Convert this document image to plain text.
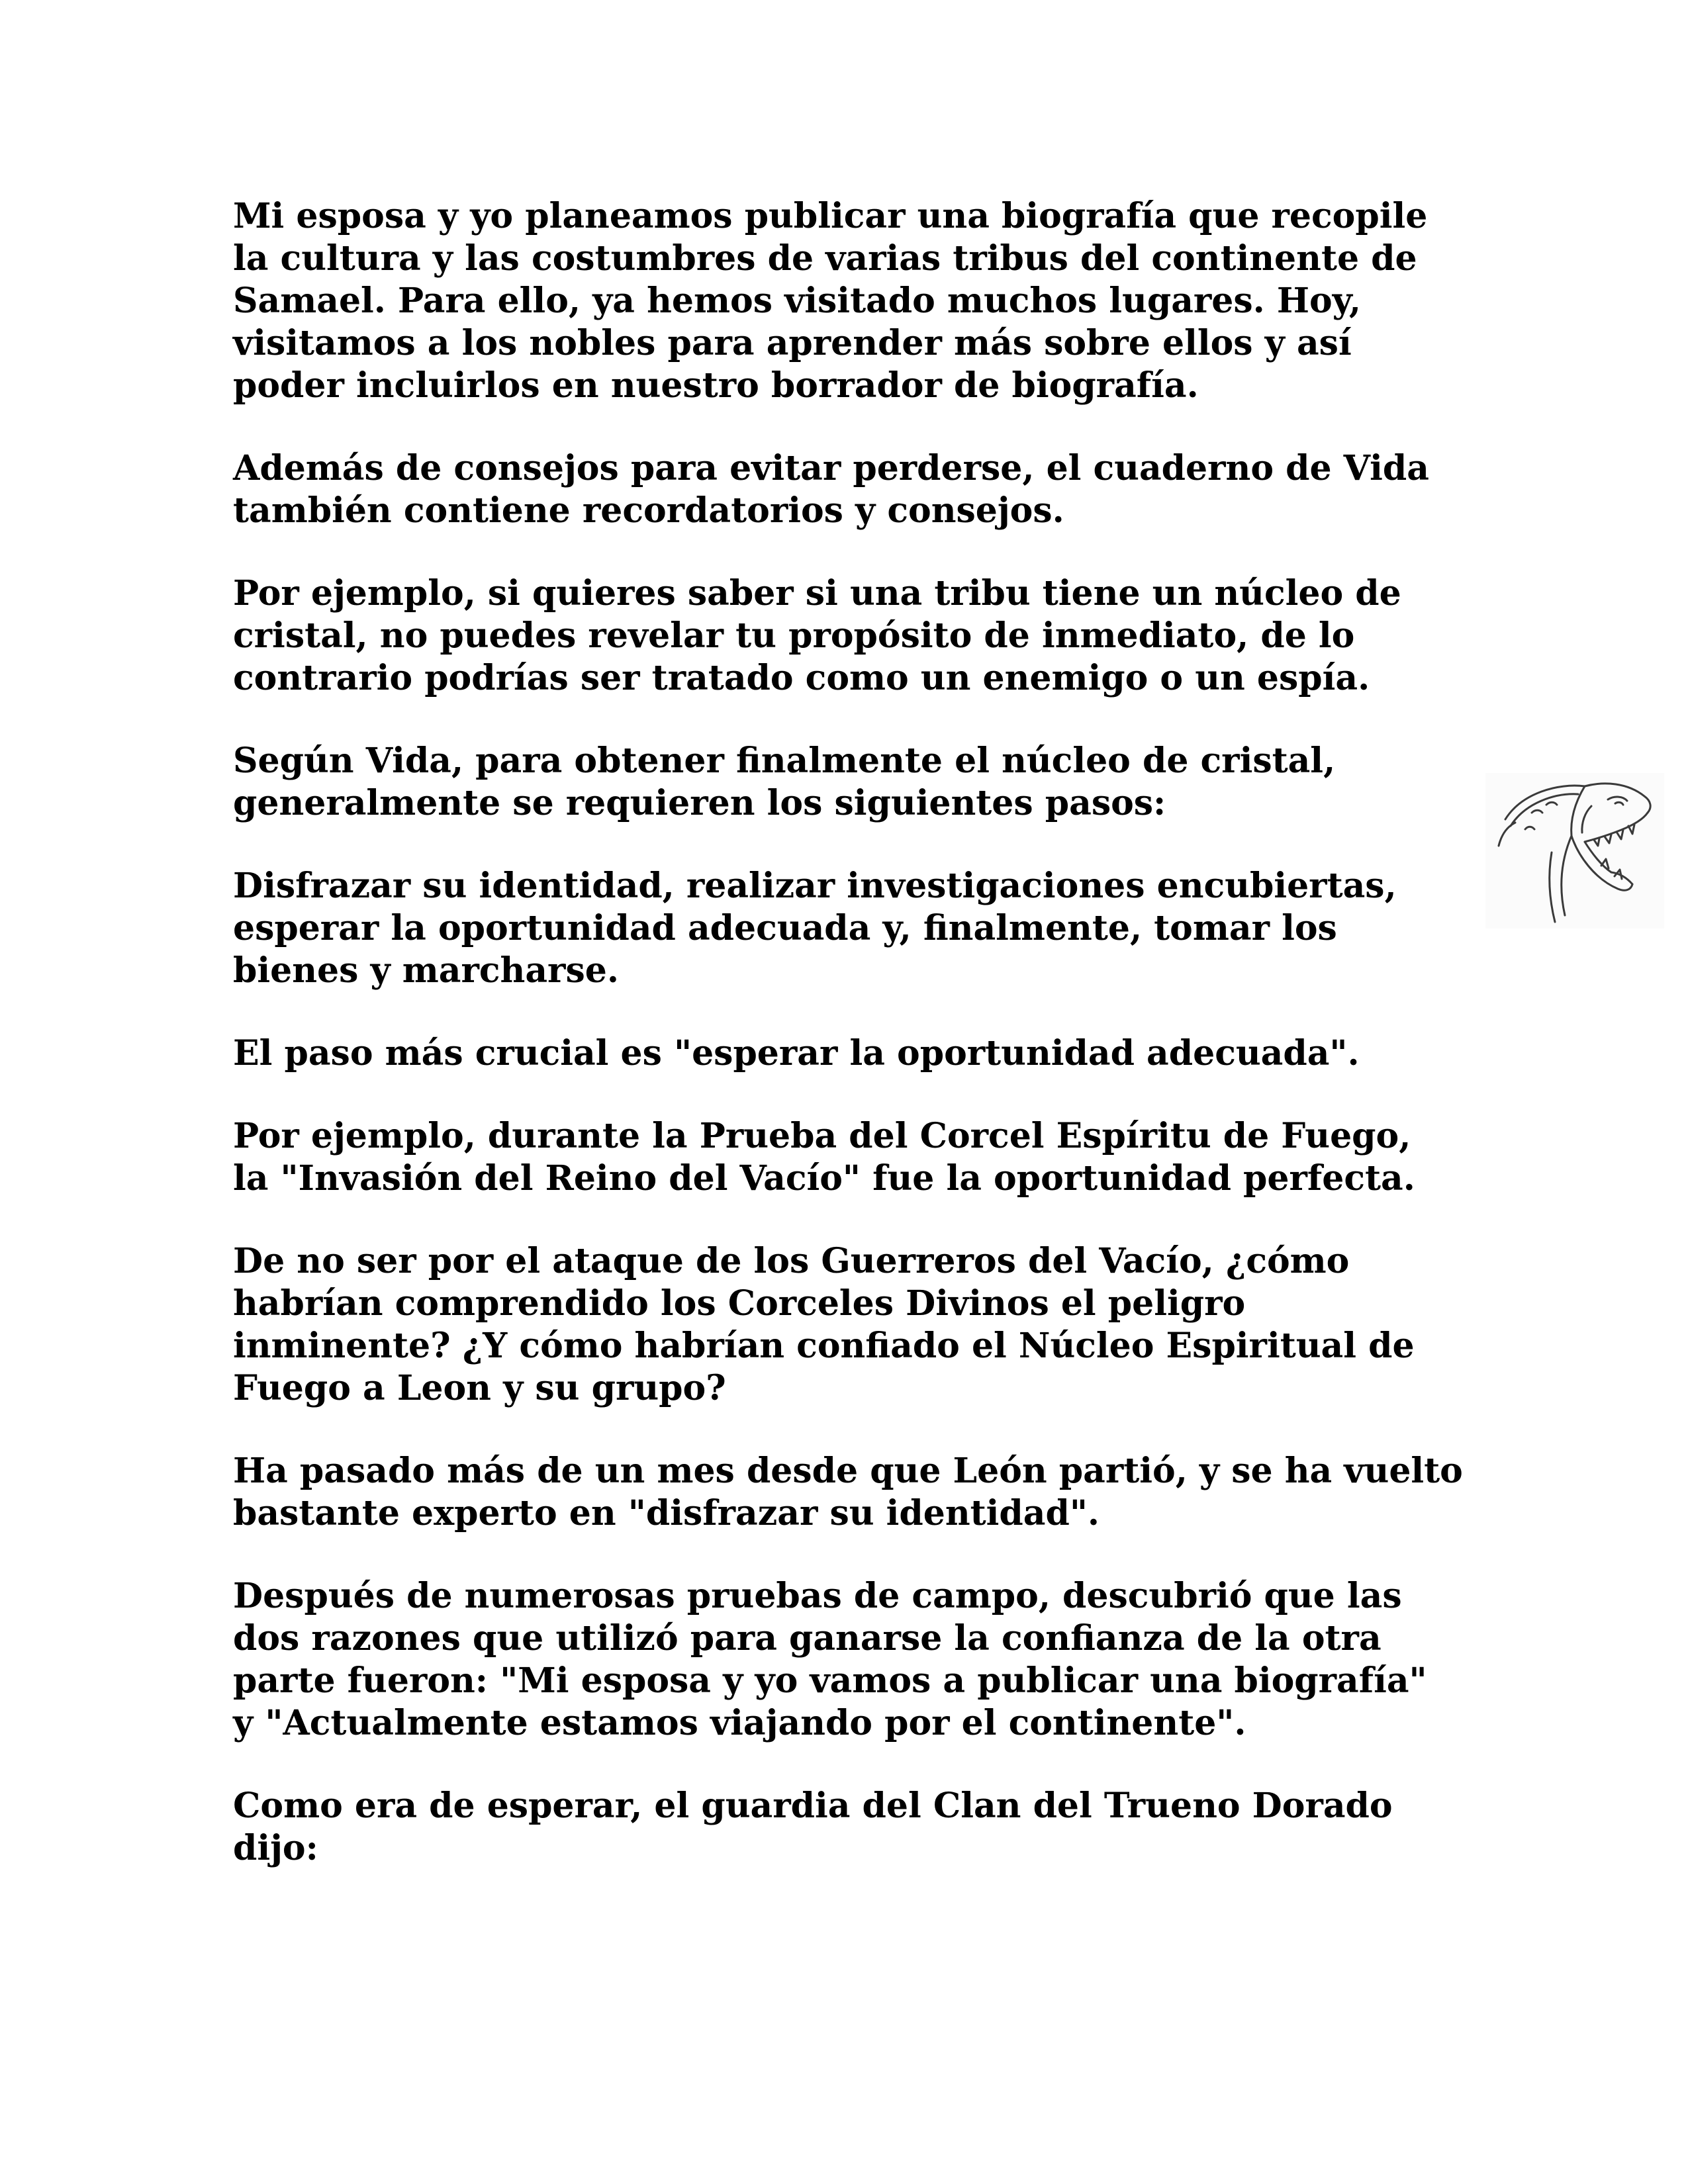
Mi esposa y yo planeamos publicar una biografía que recopile
la cultura y las costumbres de varias tribus del continente de
Samael. Para ello, ya hemos visitado muchos lugares. Hoy,
visitamos a los nobles para aprender más sobre ellos y así
poder incluirlos en nuestro borrador de biografía.

Además de consejos para evitar perderse, el cuaderno de Vida
también contiene recordatorios y consejos.

Por ejemplo, si quieres saber si una tribu tiene un núcleo de
cristal, no puedes revelar tu propósito de inmediato, de lo
contrario podrías ser tratado como un enemigo o un espía.

Según Vida, para obtener finalmente el núcleo de cristal,
generalmente se requieren los siguientes pasos:

Disfrazar su identidad, realizar investigaciones encubiertas,
esperar la oportunidad adecuada y, finalmente, tomar los
bienes y marcharse.

El paso más crucial es "esperar la oportunidad adecuada".

Por ejemplo, durante la Prueba del Corcel Espíritu de Fuego,
la "Invasión del Reino del Vacío" fue la oportunidad perfecta.

De no ser por el ataque de los Guerreros del Vacío, ¿cómo
habrían comprendido los Corceles Divinos el peligro
inminente? ¿Y cómo habrían confiado el Núcleo Espiritual de
Fuego a Leon y su grupo?

Ha pasado más de un mes desde que León partió, y se ha vuelto
bastante experto en "disfrazar su identidad".

Después de numerosas pruebas de campo, descubrió que las
dos razones que utilizó para ganarse la confianza de la otra
parte fueron: "Mi esposa y yo vamos a publicar una biografía"
y "Actualmente estamos viajando por el continente".

Como era de esperar, el guardia del Clan del Trueno Dorado
dijo:
